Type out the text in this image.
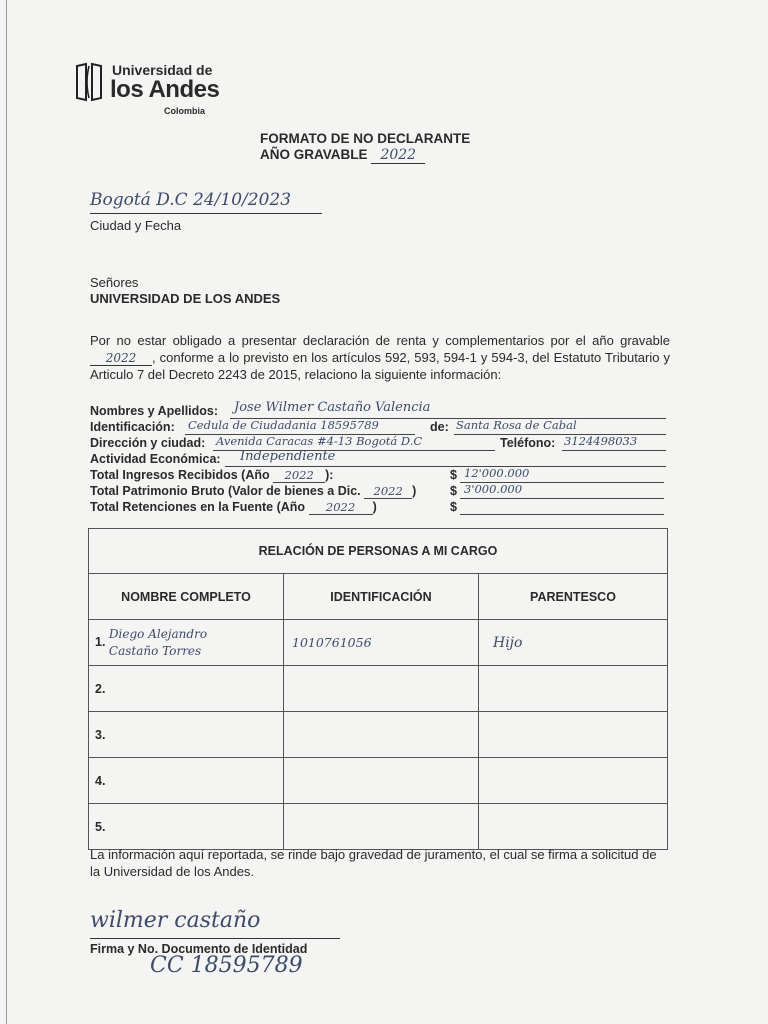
Universidad de
los Andes
Colombia
FORMATO DE NO DECLARANTE
AÑO GRAVABLE 2022
Bogotá D.C 24/10/2023
Ciudad y Fecha
Señores
UNIVERSIDAD DE LOS ANDES
Por no estar obligado a presentar declaración de renta y complementarios por el año gravable 2022 , conforme a lo previsto en los artículos 592, 593, 594-1 y 594-3, del Estatuto Tributario y Articulo 7 del Decreto 2243 de 2015, relaciono la siguiente información:
Nombres y Apellidos: Jose Wilmer Castaño Valencia
Identificación: Cedula de Ciudadania 18595789	de: Santa Rosa de Cabal
Dirección y ciudad: Avenida Caracas #4-13 Bogotá D.C	Teléfono: 3124498033
Actividad Económica: Independiente
Total Ingresos Recibidos (Año 2022 ):	$ 12'000.000
Total Patrimonio Bruto (Valor de bienes a Dic. 2022 )	$ 3'000.000
Total Retenciones en la Fuente (Año 2022 )	$
RELACIÓN DE PERSONAS A MI CARGO		
NOMBRE COMPLETO	IDENTIFICACIÓN	PARENTESCO
1. Diego Alejandro Castaño Torres	1010761056	Hijo
2.		
3.		
4.		
5.		
La información aquí reportada, se rinde bajo gravedad de juramento, el cual se firma a solicitud de la Universidad de los Andes.
wilmer castaño
Firma y No. Documento de Identidad
CC 18595789
